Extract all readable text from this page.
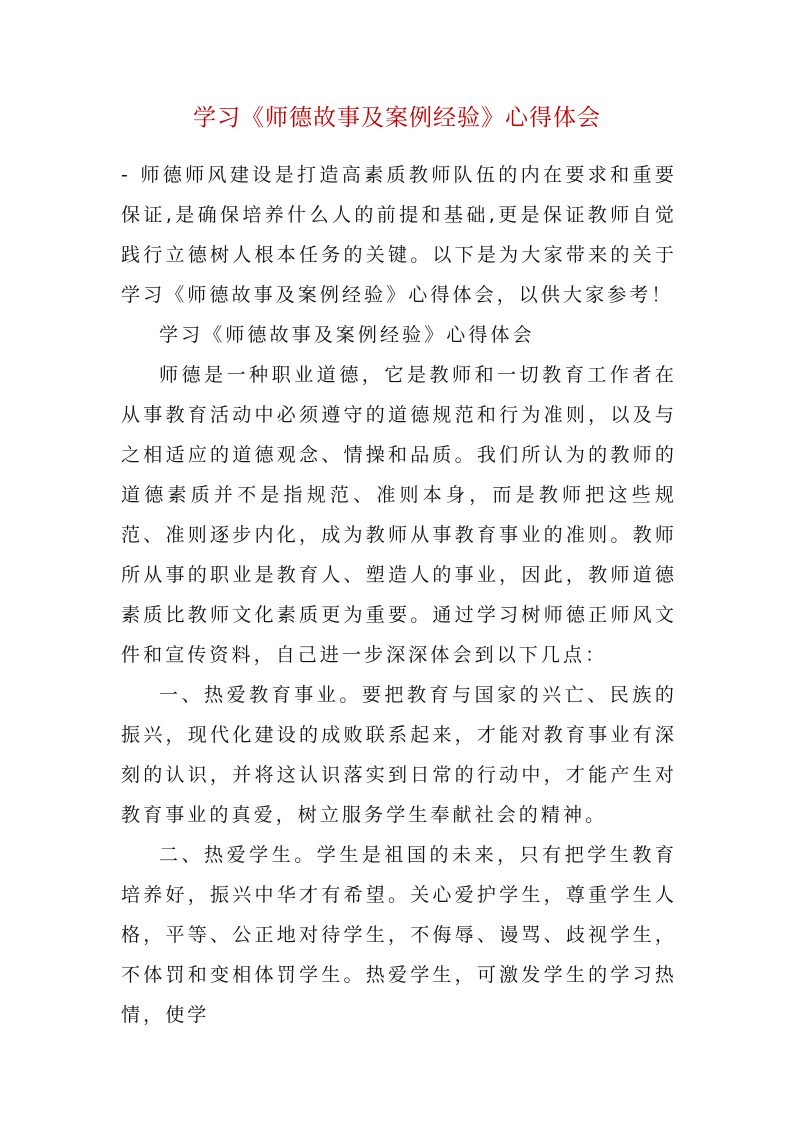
学习《师德故事及案例经验》心得体会

- 师德师风建设是打造高素质教师队伍的内在要求和重要保证,是确保培养什么人的前提和基础,更是保证教师自觉践行立德树人根本任务的关键。以下是为大家带来的关于学习《师德故事及案例经验》心得体会，以供大家参考！

学习《师德故事及案例经验》心得体会

师德是一种职业道德，它是教师和一切教育工作者在从事教育活动中必须遵守的道德规范和行为准则，以及与之相适应的道德观念、情操和品质。我们所认为的教师的道德素质并不是指规范、准则本身，而是教师把这些规范、准则逐步内化，成为教师从事教育事业的准则。教师所从事的职业是教育人、塑造人的事业，因此，教师道德素质比教师文化素质更为重要。通过学习树师德正师风文件和宣传资料，自己进一步深深体会到以下几点：

一、热爱教育事业。要把教育与国家的兴亡、民族的振兴，现代化建设的成败联系起来，才能对教育事业有深刻的认识，并将这认识落实到日常的行动中，才能产生对教育事业的真爱，树立服务学生奉献社会的精神。

二、热爱学生。学生是祖国的未来，只有把学生教育培养好，振兴中华才有希望。关心爱护学生，尊重学生人格，平等、公正地对待学生，不侮辱、谩骂、歧视学生，不体罚和变相体罚学生。热爱学生，可激发学生的学习热情，使学
